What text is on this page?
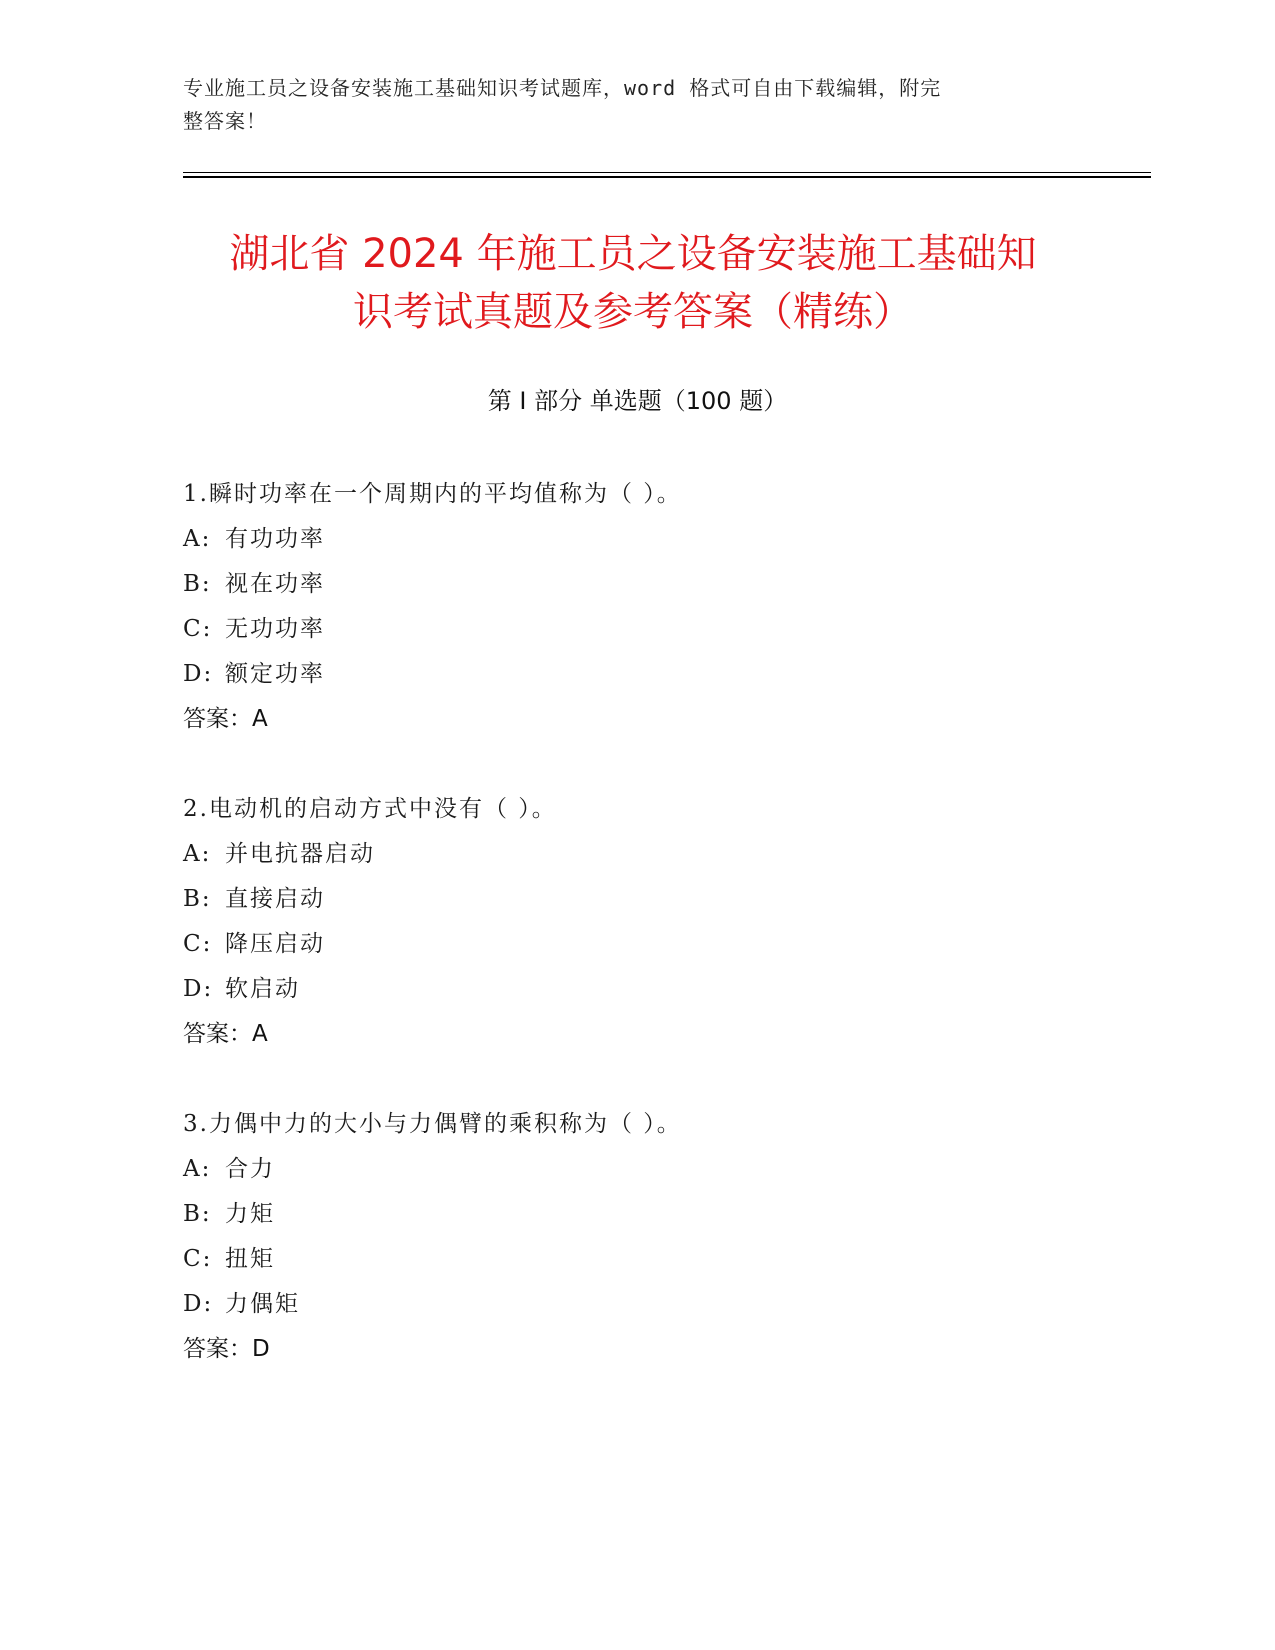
专业施工员之设备安装施工基础知识考试题库，word 格式可自由下载编辑，附完
整答案！
湖北省 2024 年施工员之设备安装施工基础知
识考试真题及参考答案（精练）
第 I 部分 单选题（100 题）
1.瞬时功率在一个周期内的平均值称为（ ）。
A: 有功功率
B: 视在功率
C: 无功功率
D: 额定功率
答案：A
2.电动机的启动方式中没有（ ）。
A: 并电抗器启动
B: 直接启动
C: 降压启动
D: 软启动
答案：A
3.力偶中力的大小与力偶臂的乘积称为（ ）。
A: 合力
B: 力矩
C: 扭矩
D: 力偶矩
答案：D
